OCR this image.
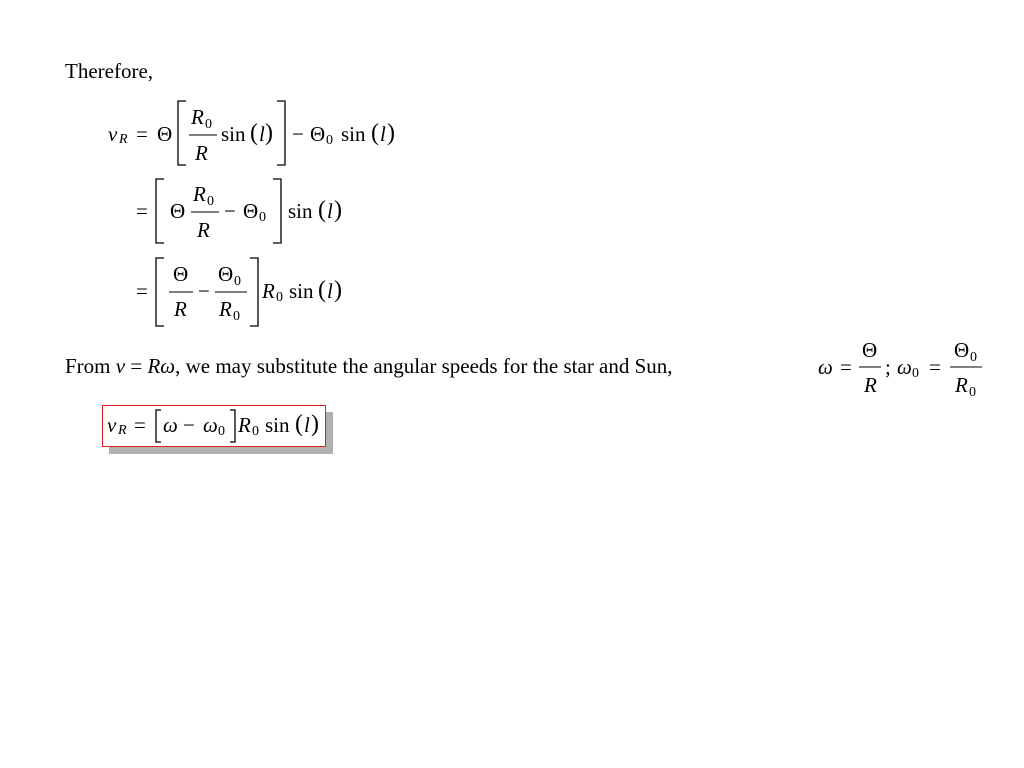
Therefore,
v R = Θ
R 0
R
sin ( l ) − Θ 0 sin ( l )
= Θ
R 0
R
− Θ 0 sin ( l )
=
Θ
R
−
Θ 0
R 0
R 0 sin ( l )
From v = Rω, we may substitute the angular speeds for the star and Sun,	ω =
Θ
R
; ω 0 =
Θ 0
R 0
v R = ω − ω 0 R 0 sin ( l )
